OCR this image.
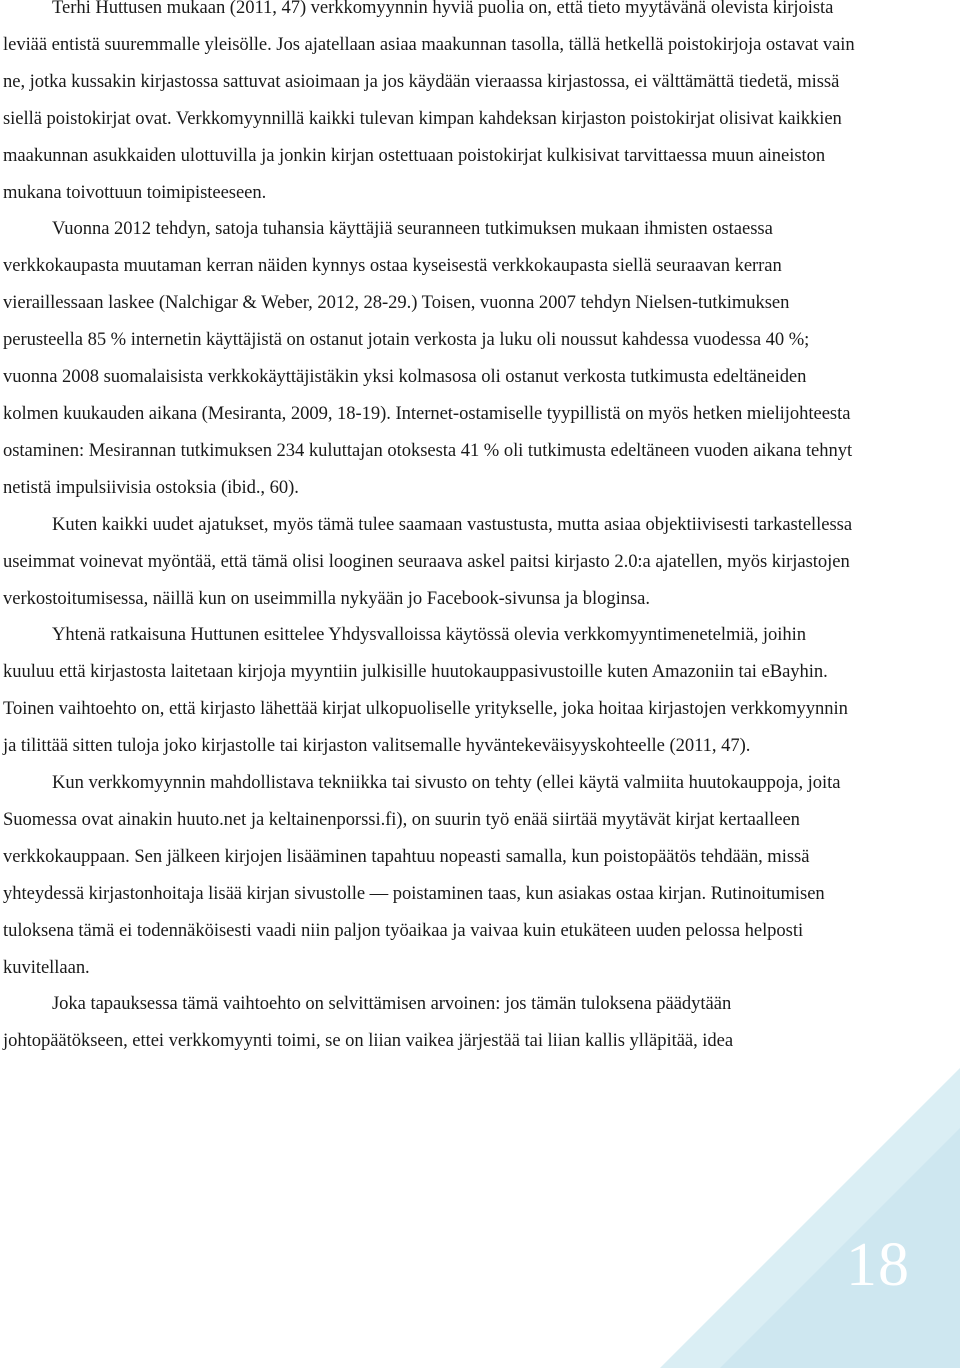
Terhi Huttusen mukaan (2011, 47) verkkomyynnin hyviä puolia on, että tieto myytävänä olevista kirjoista leviää entistä suuremmalle yleisölle. Jos ajatellaan asiaa maakunnan tasolla, tällä hetkellä poistokirjoja ostavat vain ne, jotka kussakin kirjastossa sattuvat asioimaan ja jos käydään vieraassa kirjastossa, ei välttämättä tiedetä, missä siellä poistokirjat ovat. Verkkomyynnillä kaikki tulevan kimpan kahdeksan kirjaston poistokirjat olisivat kaikkien maakunnan asukkaiden ulottuvilla ja jonkin kirjan ostettuaan poistokirjat kulkisivat tarvittaessa muun aineiston mukana toivottuun toimipisteeseen.

Vuonna 2012 tehdyn, satoja tuhansia käyttäjiä seuranneen tutkimuksen mukaan ihmisten ostaessa verkkokaupasta muutaman kerran näiden kynnys ostaa kyseisestä verkkokaupasta siellä seuraavan kerran vieraillessaan laskee (Nalchigar & Weber, 2012, 28-29.) Toisen, vuonna 2007 tehdyn Nielsen-tutkimuksen perusteella 85 % internetin käyttäjistä on ostanut jotain verkosta ja luku oli noussut kahdessa vuodessa 40 %; vuonna 2008 suomalaisista verkkokäyttäjistäkin yksi kolmasosa oli ostanut verkosta tutkimusta edeltäneiden kolmen kuukauden aikana (Mesiranta, 2009, 18-19). Internet-ostamiselle tyypillistä on myös hetken mielijohteesta ostaminen: Mesirannan tutkimuksen 234 kuluttajan otoksesta 41 % oli tutkimusta edeltäneen vuoden aikana tehnyt netistä impulsiivisia ostoksia (ibid., 60).

Kuten kaikki uudet ajatukset, myös tämä tulee saamaan vastustusta, mutta asiaa objektiivisesti tarkastellessa useimmat voinevat myöntää, että tämä olisi looginen seuraava askel paitsi kirjasto 2.0:a ajatellen, myös kirjastojen verkostoitumisessa, näillä kun on useimmilla nykyään jo Facebook-sivunsa ja bloginsa.

Yhtenä ratkaisuna Huttunen esittelee Yhdysvalloissa käytössä olevia verkkomyyntimenetelmiä, joihin kuuluu että kirjastosta laitetaan kirjoja myyntiin julkisille huutokauppasivustoille kuten Amazoniin tai eBayhin. Toinen vaihtoehto on, että kirjasto lähettää kirjat ulkopuoliselle yritykselle, joka hoitaa kirjastojen verkkomyynnin ja tilittää sitten tuloja joko kirjastolle tai kirjaston valitsemalle hyväntekeväisyyskohteelle (2011, 47).

Kun verkkomyynnin mahdollistava tekniikka tai sivusto on tehty (ellei käytä valmiita huutokauppoja, joita Suomessa ovat ainakin huuto.net ja keltainenporssi.fi), on suurin työ enää siirtää myytävät kirjat kertaalleen verkkokauppaan. Sen jälkeen kirjojen lisääminen tapahtuu nopeasti samalla, kun poistopäätös tehdään, missä yhteydessä kirjastonhoitaja lisää kirjan sivustolle — poistaminen taas, kun asiakas ostaa kirjan. Rutinoitumisen tuloksena tämä ei todennäköisesti vaadi niin paljon työaikaa ja vaivaa kuin etukäteen uuden pelossa helposti kuvitellaan.

Joka tapauksessa tämä vaihtoehto on selvittämisen arvoinen: jos tämän tuloksena päädytään johtopäätökseen, ettei verkkomyynti toimi, se on liian vaikea järjestää tai liian kallis ylläpitää, idea

18
